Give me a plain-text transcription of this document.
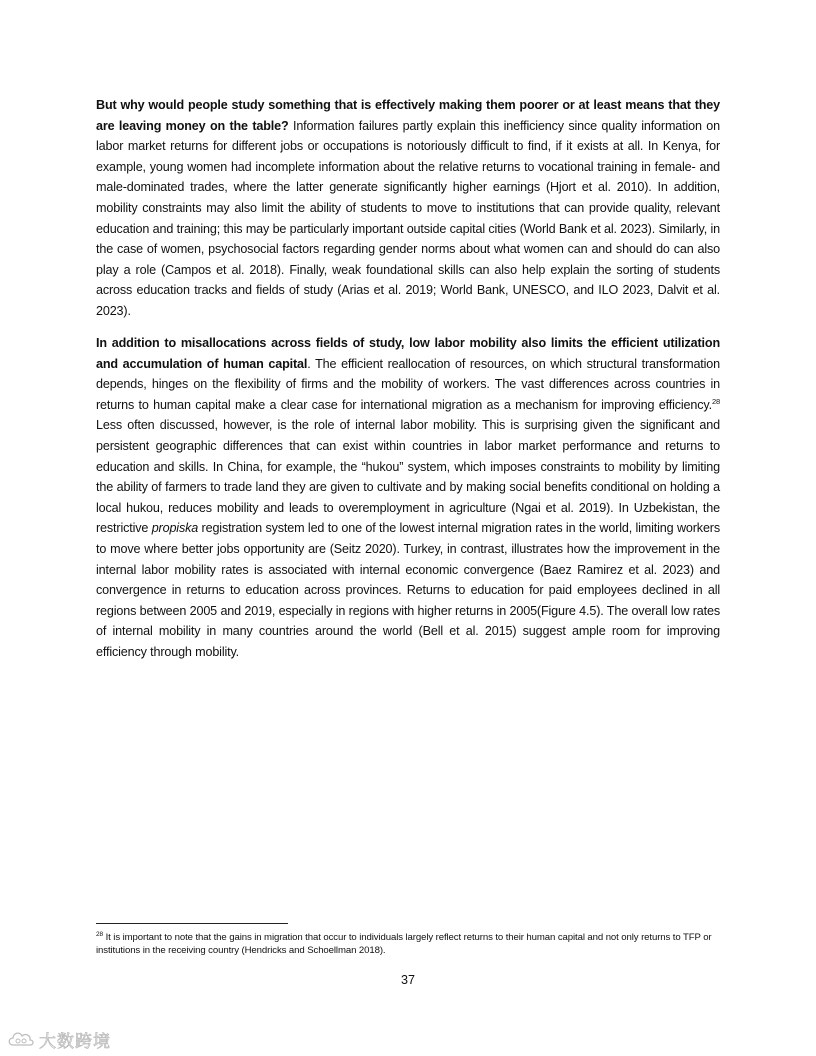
But why would people study something that is effectively making them poorer or at least means that they are leaving money on the table? Information failures partly explain this inefficiency since quality information on labor market returns for different jobs or occupations is notoriously difficult to find, if it exists at all. In Kenya, for example, young women had incomplete information about the relative returns to vocational training in female- and male-dominated trades, where the latter generate significantly higher earnings (Hjort et al. 2010). In addition, mobility constraints may also limit the ability of students to move to institutions that can provide quality, relevant education and training; this may be particularly important outside capital cities (World Bank et al. 2023). Similarly, in the case of women, psychosocial factors regarding gender norms about what women can and should do can also play a role (Campos et al. 2018). Finally, weak foundational skills can also help explain the sorting of students across education tracks and fields of study (Arias et al. 2019; World Bank, UNESCO, and ILO 2023, Dalvit et al. 2023).

In addition to misallocations across fields of study, low labor mobility also limits the efficient utilization and accumulation of human capital. The efficient reallocation of resources, on which structural transformation depends, hinges on the flexibility of firms and the mobility of workers. The vast differences across countries in returns to human capital make a clear case for international migration as a mechanism for improving efficiency.$^{28}$ Less often discussed, however, is the role of internal labor mobility. This is surprising given the significant and persistent geographic differences that can exist within countries in labor market performance and returns to education and skills. In China, for example, the “hukou” system, which imposes constraints to mobility by limiting the ability of farmers to trade land they are given to cultivate and by making social benefits conditional on holding a local hukou, reduces mobility and leads to overemployment in agriculture (Ngai et al. 2019). In Uzbekistan, the restrictive propiska registration system led to one of the lowest internal migration rates in the world, limiting workers to move where better jobs opportunity are (Seitz 2020). Turkey, in contrast, illustrates how the improvement in the internal labor mobility rates is associated with internal economic convergence (Baez Ramirez et al. 2023) and convergence in returns to education across provinces. Returns to education for paid employees declined in all regions between 2005 and 2019, especially in regions with higher returns in 2005(Figure 4.5). The overall low rates of internal mobility in many countries around the world (Bell et al. 2015) suggest ample room for improving efficiency through mobility.

$^{28}$ It is important to note that the gains in migration that occur to individuals largely reflect returns to their human capital and not only returns to TFP or institutions in the receiving country (Hendricks and Schoellman 2018).

37
大数跨境
